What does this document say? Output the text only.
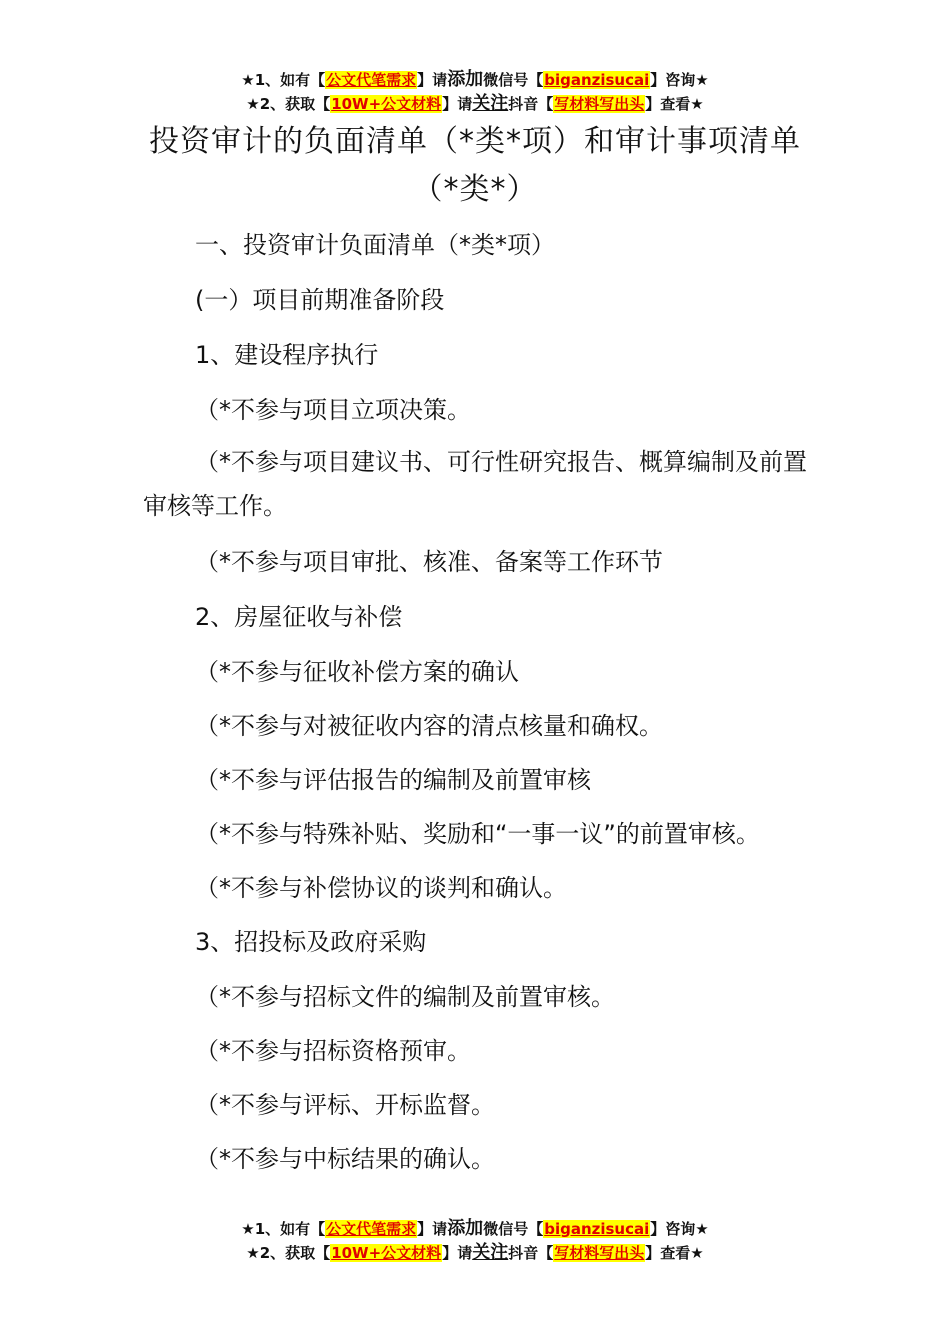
★1、如有【公文代笔需求】请添加微信号【biganzisucai】咨询★
★2、获取【10W+公文材料】请关注抖音【写材料写出头】查看★
投资审计的负面清单（*类*项）和审计事项清单（*类*）
一、投资审计负面清单（*类*项）
(一）项目前期准备阶段
1、建设程序执行
（*不参与项目立项决策。
（*不参与项目建议书、可行性研究报告、概算编制及前置审核等工作。
（*不参与项目审批、核准、备案等工作环节
2、房屋征收与补偿
（*不参与征收补偿方案的确认
（*不参与对被征收内容的清点核量和确权。
（*不参与评估报告的编制及前置审核
（*不参与特殊补贴、奖励和“一事一议”的前置审核。
（*不参与补偿协议的谈判和确认。
3、招投标及政府采购
（*不参与招标文件的编制及前置审核。
（*不参与招标资格预审。
（*不参与评标、开标监督。
（*不参与中标结果的确认。
★1、如有【公文代笔需求】请添加微信号【biganzisucai】咨询★
★2、获取【10W+公文材料】请关注抖音【写材料写出头】查看★
